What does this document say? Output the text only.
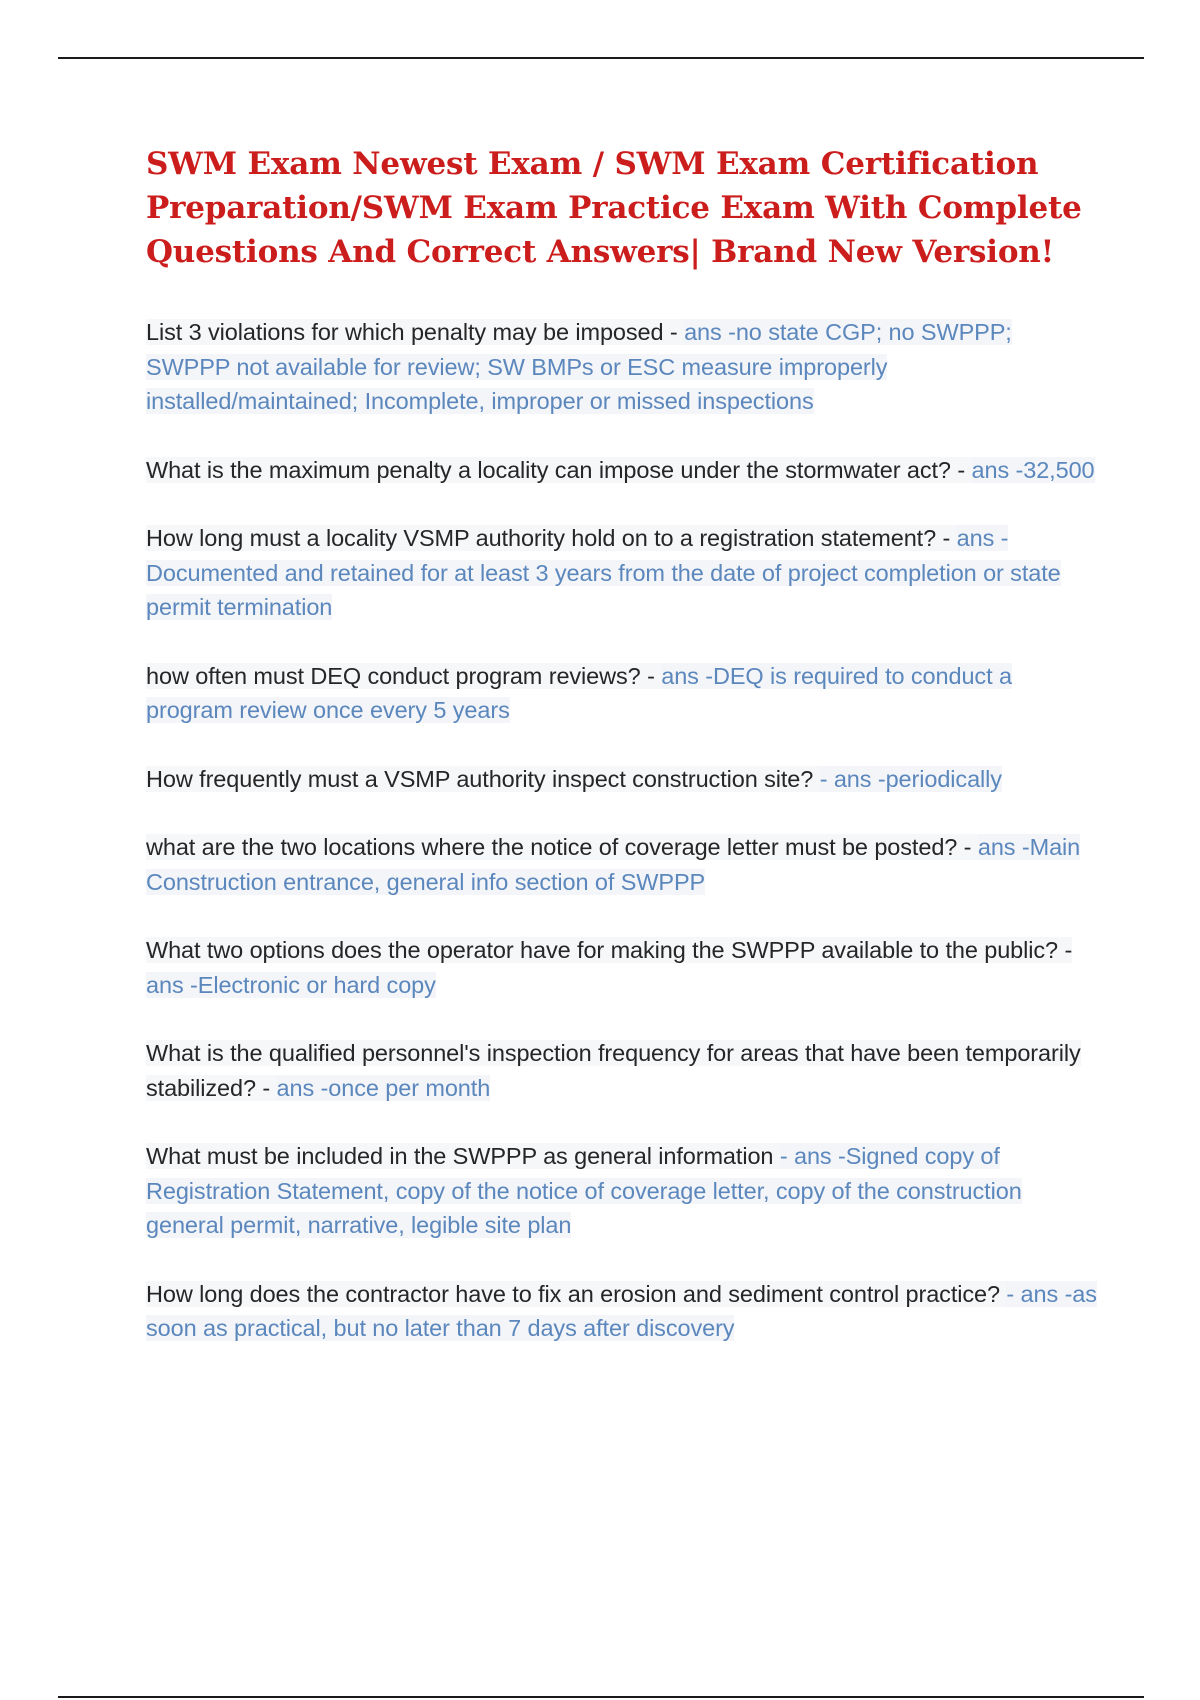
SWM Exam Newest Exam / SWM Exam Certification Preparation/SWM Exam Practice Exam With Complete Questions And Correct Answers| Brand New Version!

List 3 violations for which penalty may be imposed - ans -no state CGP; no SWPPP; SWPPP not available for review; SW BMPs or ESC measure improperly installed/maintained; Incomplete, improper or missed inspections

What is the maximum penalty a locality can impose under the stormwater act? - ans -32,500

How long must a locality VSMP authority hold on to a registration statement? - ans -Documented and retained for at least 3 years from the date of project completion or state permit termination

how often must DEQ conduct program reviews? - ans -DEQ is required to conduct a program review once every 5 years

How frequently must a VSMP authority inspect construction site? - ans -periodically

what are the two locations where the notice of coverage letter must be posted? - ans -Main Construction entrance, general info section of SWPPP

What two options does the operator have for making the SWPPP available to the public? - ans -Electronic or hard copy

What is the qualified personnel's inspection frequency for areas that have been temporarily stabilized? - ans -once per month

What must be included in the SWPPP as general information - ans -Signed copy of Registration Statement, copy of the notice of coverage letter, copy of the construction general permit, narrative, legible site plan

How long does the contractor have to fix an erosion and sediment control practice? - ans -as soon as practical, but no later than 7 days after discovery
